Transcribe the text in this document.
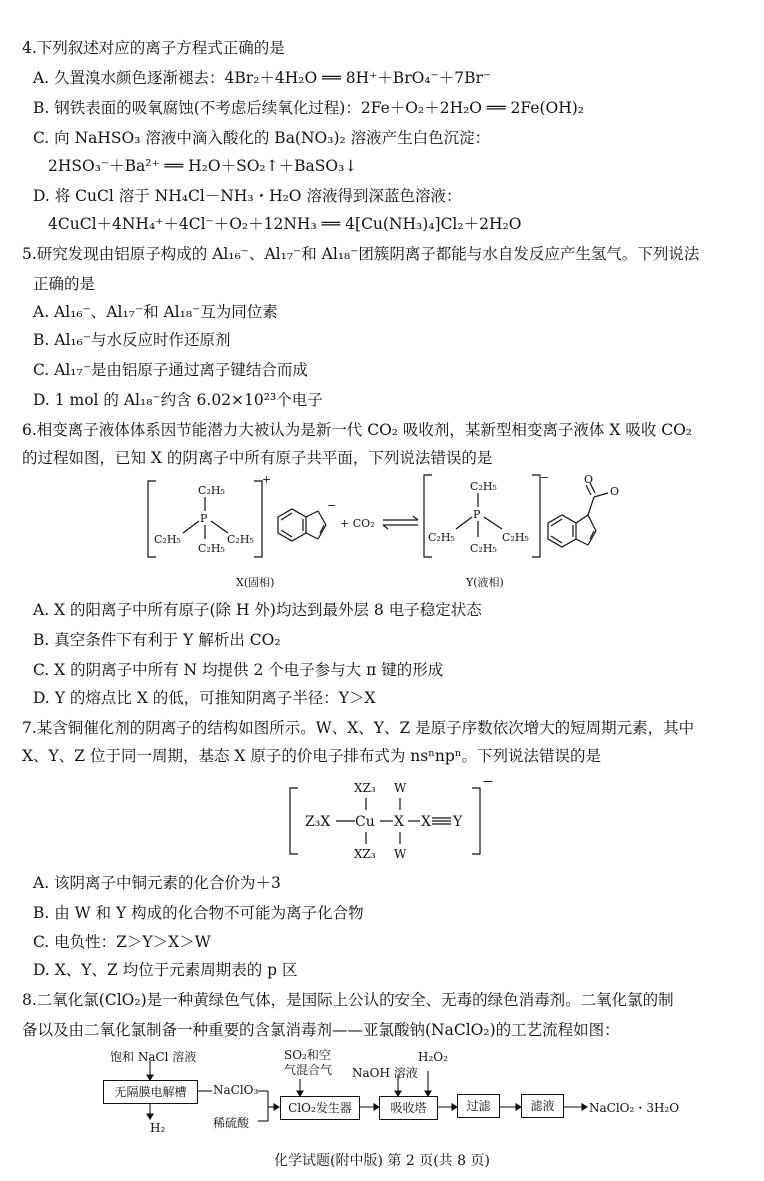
4.下列叙述对应的离子方程式正确的是
A. 久置溴水颜色逐渐褪去：4Br₂＋4H₂O ══ 8H⁺＋BrO₄⁻＋7Br⁻
B. 钢铁表面的吸氧腐蚀(不考虑后续氧化过程)：2Fe＋O₂＋2H₂O ══ 2Fe(OH)₂
C. 向 NaHSO₃ 溶液中滴入酸化的 Ba(NO₃)₂ 溶液产生白色沉淀：
2HSO₃⁻＋Ba²⁺ ══ H₂O＋SO₂↑＋BaSO₃↓
D. 将 CuCl 溶于 NH₄Cl－NH₃・H₂O 溶液得到深蓝色溶液：
4CuCl＋4NH₄⁺＋4Cl⁻＋O₂＋12NH₃ ══ 4[Cu(NH₃)₄]Cl₂＋2H₂O
5.研究发现由铝原子构成的 Al₁₆⁻、Al₁₇⁻和 Al₁₈⁻团簇阴离子都能与水自发反应产生氢气。下列说法
正确的是
A. Al₁₆⁻、Al₁₇⁻和 Al₁₈⁻互为同位素
B. Al₁₆⁻与水反应时作还原剂
C. Al₁₇⁻是由铝原子通过离子键结合而成
D. 1 mol 的 Al₁₈⁻约含 6.02×10²³个电子
6.相变离子液体体系因节能潜力大被认为是新一代 CO₂ 吸收剂，某新型相变离子液体 X 吸收 CO₂
的过程如图，已知 X 的阴离子中所有原子共平面，下列说法错误的是
C₂H₅
P
C₂H₅	C₂H₅
C₂H₅
+
−
+ CO₂
C₂H₅
P
C₂H₅	C₂H₅
C₂H₅
−	O
O
X(固相)	Y(液相)
A. X 的阳离子中所有原子(除 H 外)均达到最外层 8 电子稳定状态
B. 真空条件下有利于 Y 解析出 CO₂
C. X 的阴离子中所有 N 均提供 2 个电子参与大 π 键的形成
D. Y 的熔点比 X 的低，可推知阴离子半径：Y＞X
7.某含铜催化剂的阴离子的结构如图所示。W、X、Y、Z 是原子序数依次增大的短周期元素，其中
X、Y、Z 位于同一周期，基态 X 原子的价电子排布式为 nsⁿnpⁿ。下列说法错误的是
XZ₃ W
Z₃X Cu X X Y
XZ₃ W
−
A. 该阴离子中铜元素的化合价为＋3
B. 由 W 和 Y 构成的化合物不可能为离子化合物
C. 电负性：Z＞Y＞X＞W
D. X、Y、Z 均位于元素周期表的 p 区
8.二氧化氯(ClO₂)是一种黄绿色气体，是国际上公认的安全、无毒的绿色消毒剂。二氧化氯的制
备以及由二氧化氯制备一种重要的含氯消毒剂——亚氯酸钠(NaClO₂)的工艺流程如图：
饱和 NaCl 溶液
无隔膜电解槽	NaClO₃
H₂	稀硫酸
SO₂和空
气混合气
ClO₂发生器
NaOH 溶液
H₂O₂
吸收塔	过滤	滤液	NaClO₂・3H₂O
化学试题(附中版) 第 2 页(共 8 页)
